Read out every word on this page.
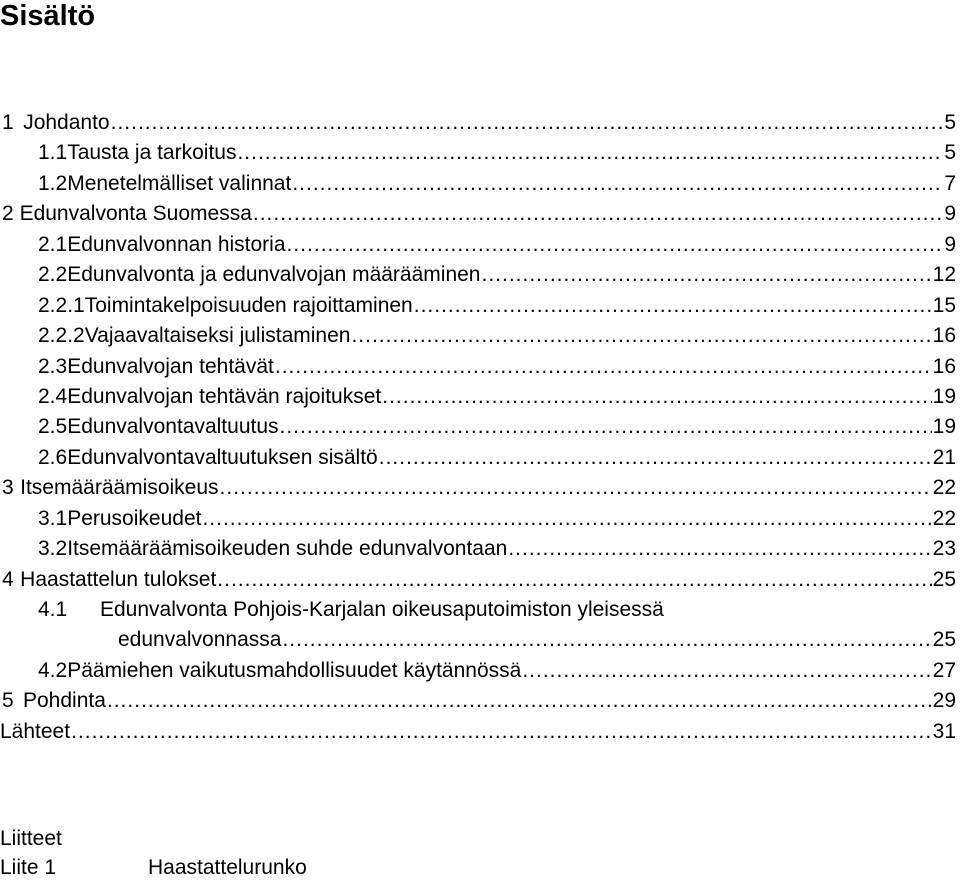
Sisältö
1 Johdanto .....	5
1.1 Tausta ja tarkoitus .....	5
1.2 Menetelmälliset valinnat .....	7
2 Edunvalvonta Suomessa .....	9
2.1 Edunvalvonnan historia .....	9
2.2 Edunvalvonta ja edunvalvojan määrääminen .....	12
2.2.1 Toimintakelpoisuuden rajoittaminen .....	15
2.2.2 Vajaavaltaiseksi julistaminen .....	16
2.3 Edunvalvojan tehtävät .....	16
2.4 Edunvalvojan tehtävän rajoitukset .....	19
2.5 Edunvalvontavaltuutus .....	19
2.6 Edunvalvontavaltuutuksen sisältö .....	21
3 Itsemääräämisoikeus .....	22
3.1 Perusoikeudet .....	22
3.2 Itsemääräämisoikeuden suhde edunvalvontaan .....	23
4 Haastattelun tulokset .....	25
4.1	Edunvalvonta Pohjois-Karjalan oikeusaputoimiston yleisessä
edunvalvonnassa .....	25
4.2 Päämiehen vaikutusmahdollisuudet käytännössä .....	27
5 Pohdinta .....	29
Lähteet .....	31
Liitteet
Liite 1	Haastattelurunko
